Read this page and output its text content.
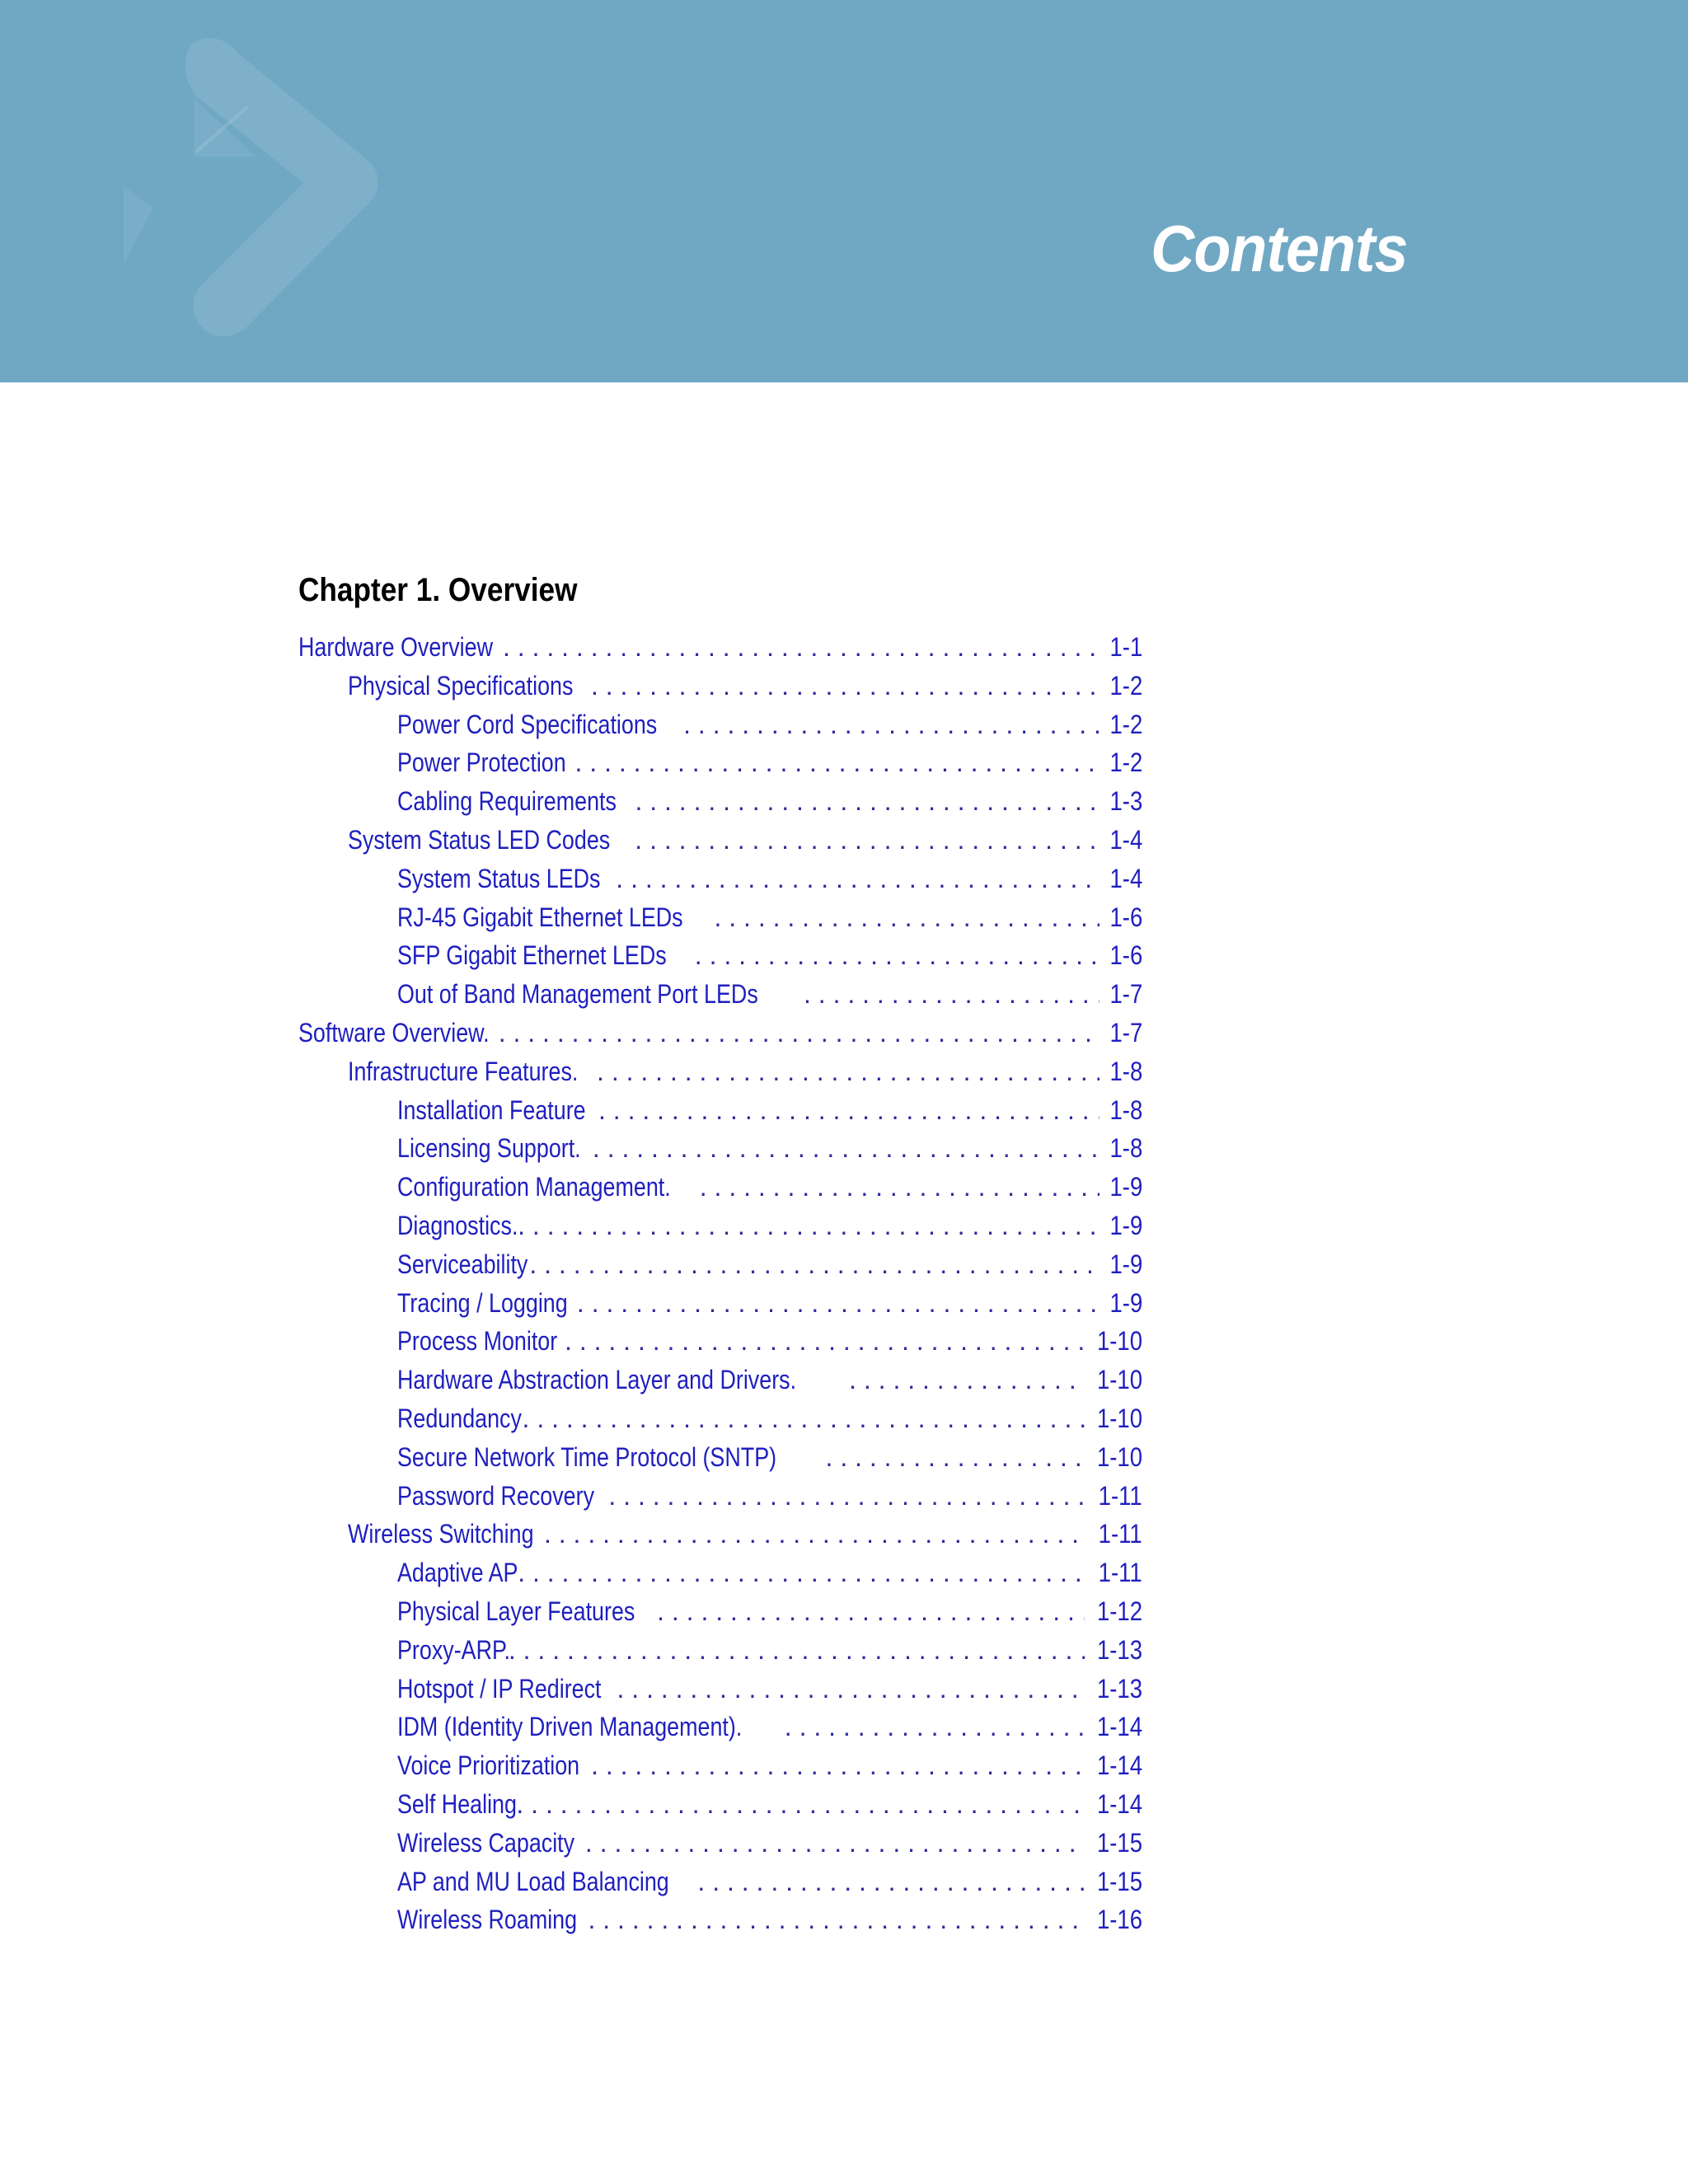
Contents
Chapter 1. Overview
Hardware Overview . . .	1-1
Physical Specifications . . .	1-2
Power Cord Specifications . . .	1-2
Power Protection . . .	1-2
Cabling Requirements . . .	1-3
System Status LED Codes . . .	1-4
System Status LEDs . . .	1-4
RJ-45 Gigabit Ethernet LEDs . . .	1-6
SFP Gigabit Ethernet LEDs . . .	1-6
Out of Band Management Port LEDs . . .	1-7
Software Overview. . . .	1-7
Infrastructure Features. . . .	1-8
Installation Feature . . .	1-8
Licensing Support. . . .	1-8
Configuration Management. . . .	1-9
Diagnostics. . . .	1-9
Serviceability . . .	1-9
Tracing / Logging . . .	1-9
Process Monitor . . .	1-10
Hardware Abstraction Layer and Drivers. . . .	1-10
Redundancy . . .	1-10
Secure Network Time Protocol (SNTP) . . .	1-10
Password Recovery . . .	1-11
Wireless Switching . . .	1-11
Adaptive AP . . .	1-11
Physical Layer Features . . .	1-12
Proxy-ARP. . . .	1-13
Hotspot / IP Redirect . . .	1-13
IDM (Identity Driven Management). . . .	1-14
Voice Prioritization . . .	1-14
Self Healing . . .	1-14
Wireless Capacity . . .	1-15
AP and MU Load Balancing . . .	1-15
Wireless Roaming . . .	1-16
